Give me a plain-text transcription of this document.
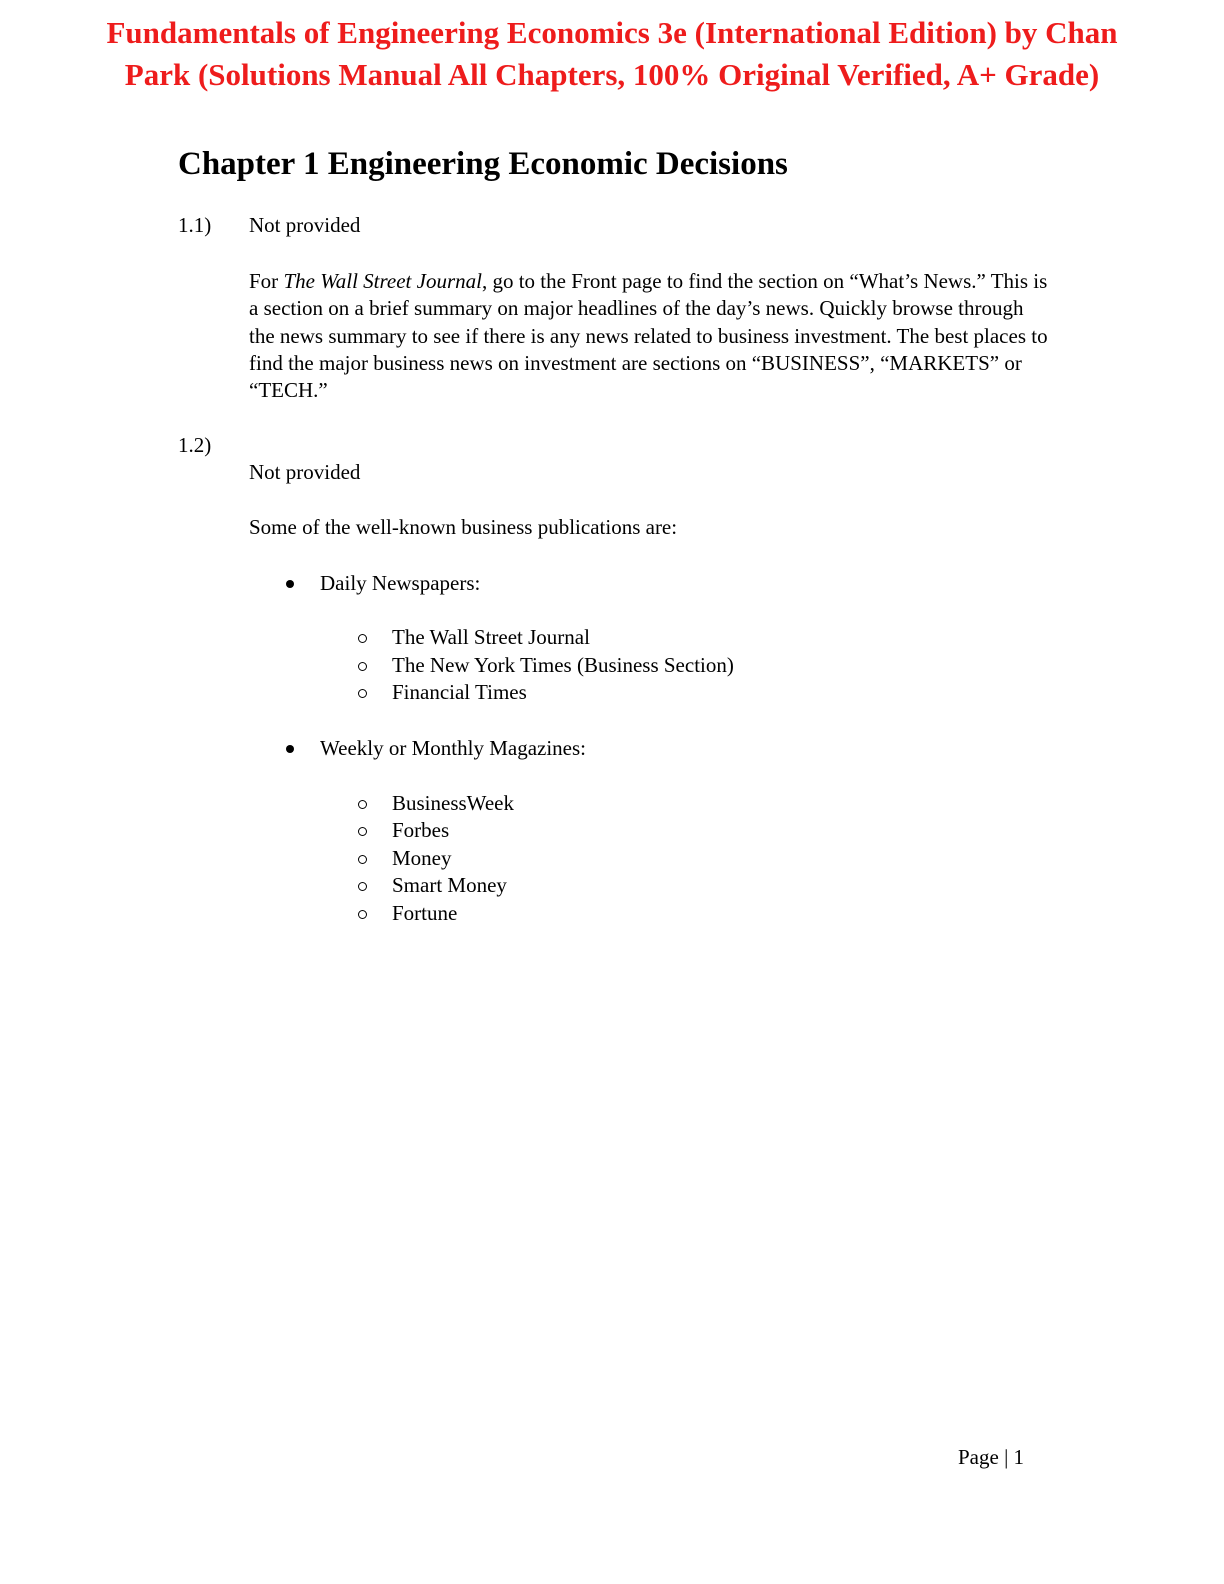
Fundamentals of Engineering Economics 3e (International Edition) by Chan
Park (Solutions Manual All Chapters, 100% Original Verified, A+ Grade)
Chapter 1 Engineering Economic Decisions
1.1) Not provided
For The Wall Street Journal, go to the Front page to find the section on “What’s News.” This is a section on a brief summary on major headlines of the day’s news. Quickly browse through the news summary to see if there is any news related to business investment. The best places to find the major business news on investment are sections on “BUSINESS”, “MARKETS” or “TECH.”
1.2)
Not provided
Some of the well-known business publications are:
Daily Newspapers:
The Wall Street Journal
The New York Times (Business Section)
Financial Times
Weekly or Monthly Magazines:
BusinessWeek
Forbes
Money
Smart Money
Fortune
Page | 1
